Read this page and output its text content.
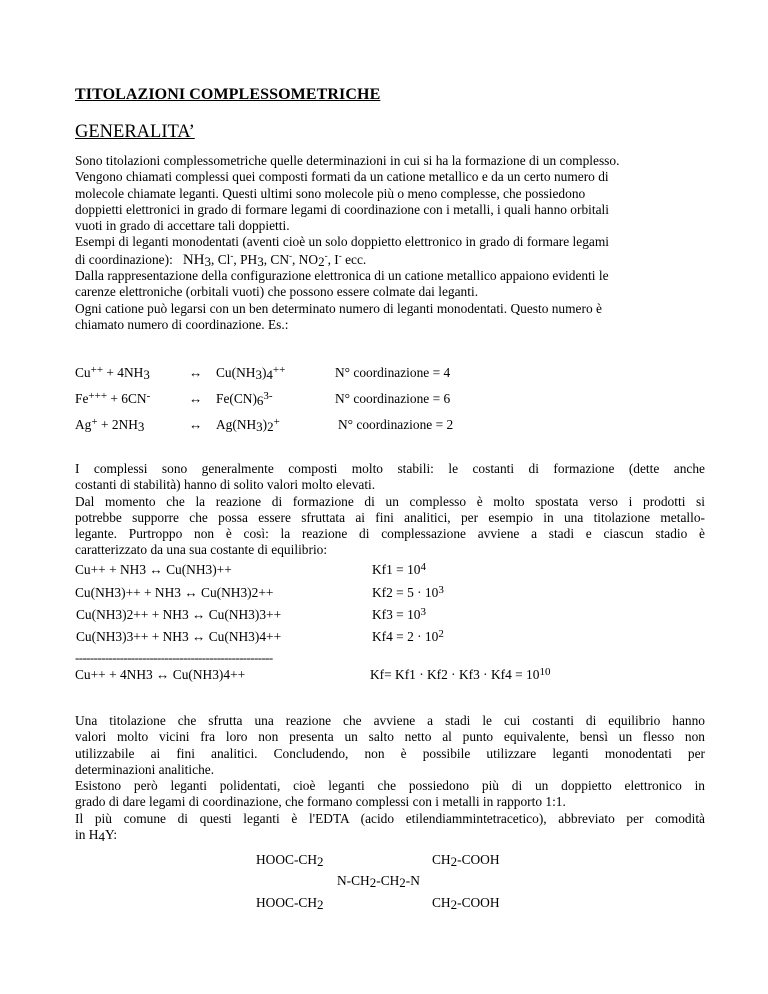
TITOLAZIONI COMPLESSOMETRICHE
GENERALITA’

Sono titolazioni complessometriche quelle determinazioni in cui si ha la formazione di un complesso.

Vengono chiamati complessi quei composti formati da un catione metallico e da un certo numero di

molecole chiamate leganti. Questi ultimi sono molecole più o meno complesse, che possiedono

doppietti elettronici in grado di formare legami di coordinazione con i metalli, i quali hanno orbitali

vuoti in grado di accettare tali doppietti.

Esempi di leganti monodentati (aventi cioè un solo doppietto elettronico in grado di formare legami

di coordinazione): $NH_3$, Cl-, $PH_3$, CN-, $NO_2^-$, I- ecc.

Dalla rappresentazione della configurazione elettronica di un catione metallico appaiono evidenti le

carenze elettroniche (orbitali vuoti) che possono essere colmate dai leganti.

Ogni catione può legarsi con un ben determinato numero di leganti monodentati. Questo numero è

chiamato numero di coordinazione. Es.:

$Cu^{++} + 4NH_3$	↔ $Cu(NH_3)_4^{++}$	N° coordinazione = 4
Fe+++ + 6CN-	↔ $Fe(CN)_6^{3-}$	N° coordinazione = 6
$Ag^+ + 2NH_3$	↔ $Ag(NH_3)_2^+$	N° coordinazione = 2

I complessi sono generalmente composti molto stabili: le costanti di formazione (dette anche

costanti di stabilità) hanno di solito valori molto elevati.

Dal momento che la reazione di formazione di un complesso è molto spostata verso i prodotti si

potrebbe supporre che possa essere sfruttata ai fini analitici, per esempio in una titolazione metallo-

legante. Purtroppo non è così: la reazione di complessazione avviene a stadi e ciascun stadio è

caratterizzato da una sua costante di equilibrio:

Cu++ + NH3 ↔ Cu(NH3)++	$Kf1 = 10^4$
Cu(NH3)++ + NH3 ↔ Cu(NH3)2++	$Kf2 = 5 \cdot 10^3$
Cu(NH3)2++ + NH3 ↔ Cu(NH3)3++	$Kf3 = 10^3$
Cu(NH3)3++ + NH3 ↔ Cu(NH3)4++	$Kf4 = 2 \cdot 10^2$
-----------------------------------------------------
Cu++ + 4NH3 ↔ Cu(NH3)4++	$Kf= Kf1 \cdot Kf2 \cdot Kf3 \cdot Kf4 = 10^{10}$

Una titolazione che sfrutta una reazione che avviene a stadi le cui costanti di equilibrio hanno

valori molto vicini fra loro non presenta un salto netto al punto equivalente, bensì un flesso non

utilizzabile ai fini analitici. Concludendo, non è possibile utilizzare leganti monodentati per

determinazioni analitiche.

Esistono però leganti polidentati, cioè leganti che possiedono più di un doppietto elettronico in

grado di dare legami di coordinazione, che formano complessi con i metalli in rapporto 1:1.

Il più comune di questi leganti è l'EDTA (acido etilendiammintetracetico), abbreviato per comodità

in $H_4Y$:

HOOC-$CH_2$	$CH_2$-COOH
$N-CH_2-CH_2-N$
HOOC-$CH_2$	$CH_2$-COOH
